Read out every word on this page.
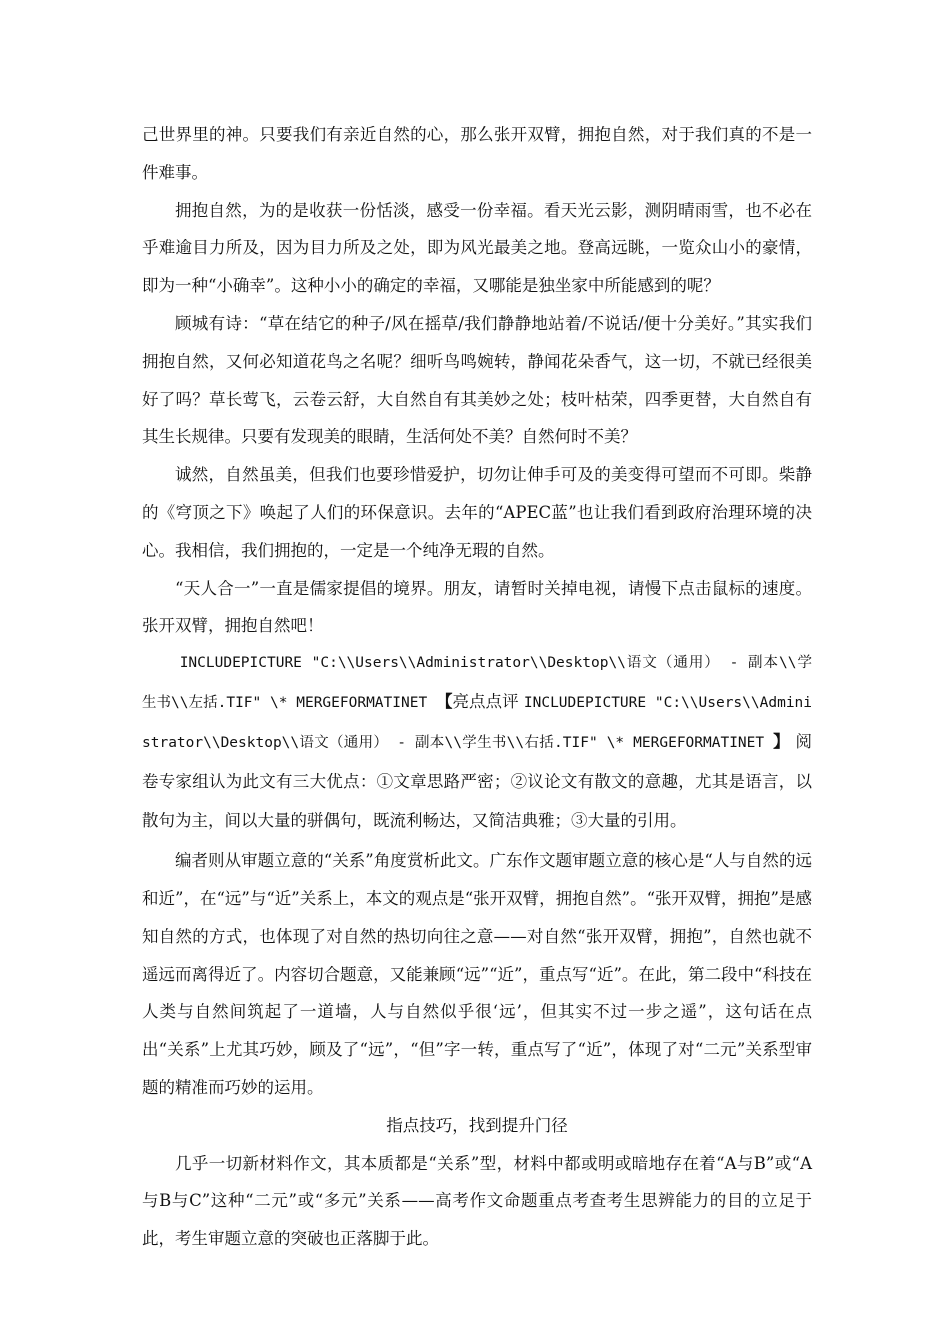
己世界里的神。只要我们有亲近自然的心，那么张开双臂，拥抱自然，对于我们真的不是一件难事。

拥抱自然，为的是收获一份恬淡，感受一份幸福。看天光云影，测阴晴雨雪，也不必在乎难逾目力所及，因为目力所及之处，即为风光最美之地。登高远眺，一览众山小的豪情，即为一种“小确幸”。这种小小的确定的幸福，又哪能是独坐家中所能感到的呢？

顾城有诗：“草在结它的种子/风在摇草/我们静静地站着/不说话/便十分美好。”其实我们拥抱自然，又何必知道花鸟之名呢？细听鸟鸣婉转，静闻花朵香气，这一切，不就已经很美好了吗？草长莺飞，云卷云舒，大自然自有其美妙之处；枝叶枯荣，四季更替，大自然自有其生长规律。只要有发现美的眼睛，生活何处不美？自然何时不美？

诚然，自然虽美，但我们也要珍惜爱护，切勿让伸手可及的美变得可望而不可即。柴静的《穹顶之下》唤起了人们的环保意识。去年的“APEC蓝”也让我们看到政府治理环境的决心。我相信，我们拥抱的，一定是一个纯净无瑕的自然。

“天人合一”一直是儒家提倡的境界。朋友，请暂时关掉电视，请慢下点击鼠标的速度。张开双臂，拥抱自然吧！

INCLUDEPICTURE "C:\\Users\\Administrator\\Desktop\\语文（通用） - 副本\\学生书\\左括.TIF" \* MERGEFORMATINET 【亮点点评 INCLUDEPICTURE "C:\\Users\\Administrator\\Desktop\\语文（通用） - 副本\\学生书\\右括.TIF" \* MERGEFORMATINET 】 阅卷专家组认为此文有三大优点：①文章思路严密；②议论文有散文的意趣，尤其是语言，以散句为主，间以大量的骈偶句，既流利畅达，又简洁典雅；③大量的引用。

编者则从审题立意的“关系”角度赏析此文。广东作文题审题立意的核心是“人与自然的远和近”，在“远”与“近”关系上，本文的观点是“张开双臂，拥抱自然”。“张开双臂，拥抱”是感知自然的方式，也体现了对自然的热切向往之意——对自然“张开双臂，拥抱”，自然也就不遥远而离得近了。内容切合题意，又能兼顾“远”“近”，重点写“近”。在此，第二段中“科技在人类与自然间筑起了一道墙，人与自然似乎很‘远’，但其实不过一步之遥”，这句话在点出“关系”上尤其巧妙，顾及了“远”，“但”字一转，重点写了“近”，体现了对“二元”关系型审题的精准而巧妙的运用。

指点技巧，找到提升门径

几乎一切新材料作文，其本质都是“关系”型，材料中都或明或暗地存在着“A与B”或“A与B与C”这种“二元”或“多元”关系——高考作文命题重点考查考生思辨能力的目的立足于此，考生审题立意的突破也正落脚于此。
